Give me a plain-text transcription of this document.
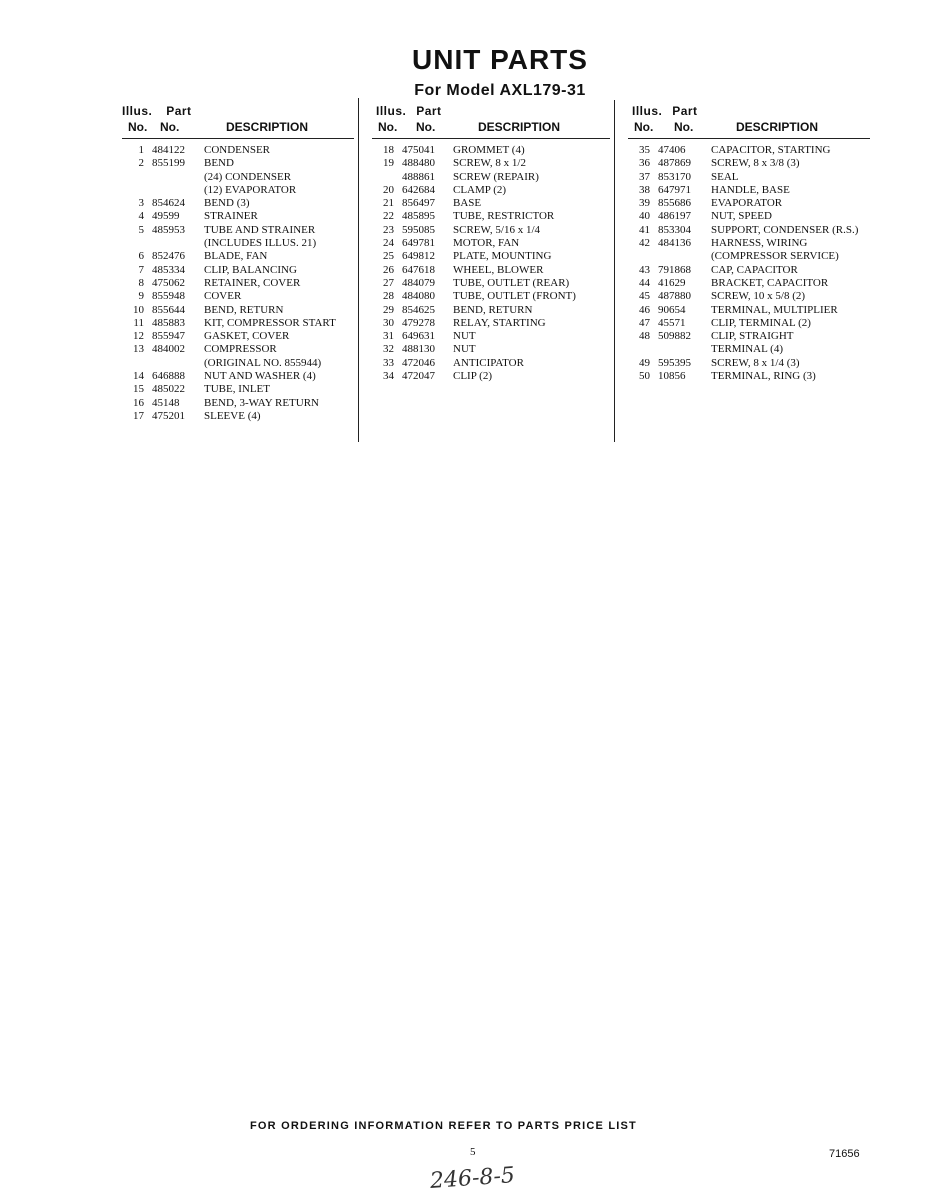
UNIT PARTS
For Model AXL179-31
Illus. Part
No. No.	DESCRIPTION
1 484122 CONDENSER
2 855199 BEND
(24) CONDENSER
(12) EVAPORATOR
3 854624 BEND (3)
4 49599 STRAINER
5 485953 TUBE AND STRAINER
(INCLUDES ILLUS. 21)
6 852476 BLADE, FAN
7 485334 CLIP, BALANCING
8 475062 RETAINER, COVER
9 855948 COVER
10 855644 BEND, RETURN
11 485883 KIT, COMPRESSOR START
12 855947 GASKET, COVER
13 484002 COMPRESSOR
(ORIGINAL NO. 855944)
14 646888 NUT AND WASHER (4)
15 485022 TUBE, INLET
16 45148 BEND, 3-WAY RETURN
17 475201 SLEEVE (4)
Illus. Part
No. No.	DESCRIPTION
18 475041 GROMMET (4)
19 488480 SCREW, 8 x 1/2
488861 SCREW (REPAIR)
20 642684 CLAMP (2)
21 856497 BASE
22 485895 TUBE, RESTRICTOR
23 595085 SCREW, 5/16 x 1/4
24 649781 MOTOR, FAN
25 649812 PLATE, MOUNTING
26 647618 WHEEL, BLOWER
27 484079 TUBE, OUTLET (REAR)
28 484080 TUBE, OUTLET (FRONT)
29 854625 BEND, RETURN
30 479278 RELAY, STARTING
31 649631 NUT
32 488130 NUT
33 472046 ANTICIPATOR
34 472047 CLIP (2)
Illus. Part
No. No.	DESCRIPTION
35 47406 CAPACITOR, STARTING
36 487869 SCREW, 8 x 3/8 (3)
37 853170 SEAL
38 647971 HANDLE, BASE
39 855686 EVAPORATOR
40 486197 NUT, SPEED
41 853304 SUPPORT, CONDENSER (R.S.)
42 484136 HARNESS, WIRING
(COMPRESSOR SERVICE)
43 791868 CAP, CAPACITOR
44 41629 BRACKET, CAPACITOR
45 487880 SCREW, 10 x 5/8 (2)
46 90654 TERMINAL, MULTIPLIER
47 45571 CLIP, TERMINAL (2)
48 509882 CLIP, STRAIGHT
TERMINAL (4)
49 595395 SCREW, 8 x 1/4 (3)
50 10856 TERMINAL, RING (3)
FOR ORDERING INFORMATION REFER TO PARTS PRICE LIST
5	71656
246-8-5
